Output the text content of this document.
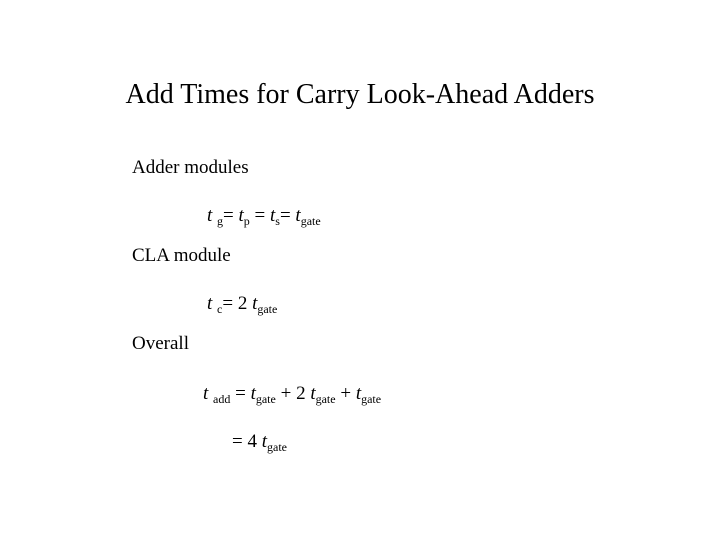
Add Times for Carry Look-Ahead Adders
Adder modules
t $_g= t_p = t_s= t_{gate}$
CLA module
t $_c$= 2 $t_{gate}$
Overall
t $_{add} = t_{gate} + 2$ $t_{gate} + t_{gate}$
= 4 $t_{gate}$
